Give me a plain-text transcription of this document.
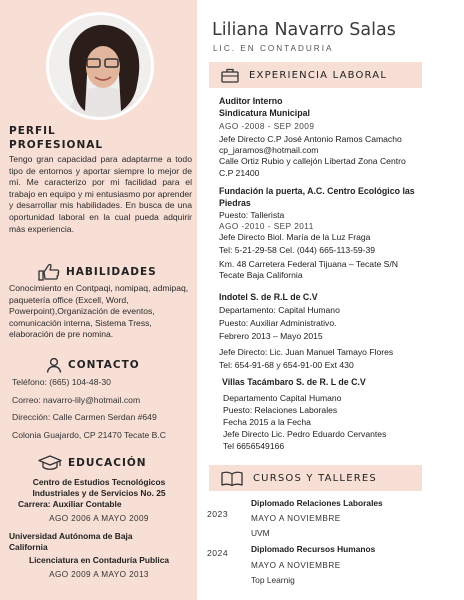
PERFIL
PROFESIONAL
Tengo gran capacidad para adaptarme a todo tipo de entornos y aportar siempre lo mejor de mí. Me caracterizo por mi facilidad para el trabajo en equipo y mi entusiasmo por aprender y desarrollar mis habilidades. En busca de una oportunidad laboral en la cual pueda adquirir más experiencia.
HABILIDADES
Conocimiento en Contpaqi, nomipaq, admipaq, paquetería office (Excell, Word, Powerpoint),Organización de eventos, comunicación interna, Sistema Tress, elaboración de pre nomina.
CONTACTO
Teléfono: (665) 104-48-30
Correo: navarro-lily@hotmail.com
Dirección: Calle Carmen Serdan #649
Colonia Guajardo, CP 21470 Tecate B.C
EDUCACIÓN
Centro de Estudios Tecnológicos
Industriales y de Servicios No. 25
Carrera: Auxiliar Contable
AGO 2006 A MAYO 2009
Universidad Autónoma de Baja
California
Licenciatura en Contaduría Publica
AGO 2009 A MAYO 2013
Liliana Navarro Salas
LIC. EN CONTADURIA
EXPERIENCIA LABORAL
Auditor Interno
Sindicatura Municipal
AGO -2008 - SEP 2009
Jefe Directo C.P José Antonio Ramos Camacho
cp_jaramos@hotmail.com
Calle Ortiz Rubio y callejón Libertad Zona Centro
C.P 21400
Fundación la puerta, A.C. Centro Ecológico las
Piedras
Puesto: Tallerista
AGO -2010 - SEP 2011
Jefe Directo Biol. María de la Luz Fraga
Tel: 5-21-29-58 Cel. (044) 665-113-59-39
Km. 48 Carretera Federal Tijuana – Tecate S/N
Tecate Baja California
Indotel S. de R.L de C.V
Departamento: Capital Humano
Puesto: Auxiliar Administrativo.
Febrero 2013 – Mayo 2015
Jefe Directo: Lic. Juan Manuel Tamayo Flores
Tel: 654-91-68 y 654-91-00 Ext 430
Villas Tacámbaro S. de R. L de C.V
Departamento Capital Humano
Puesto: Relaciones Laborales
Fecha 2015 a la Fecha
Jefe Directo Lic. Pedro Eduardo Cervantes
Tel 6656549166
CURSOS Y TALLERES
2023
Diplomado Relaciones Laborales
MAYO A NOVIEMBRE
UVM
2024	Diplomado Recursos Humanos
MAYO A NOVIEMBRE
Top Learnig
